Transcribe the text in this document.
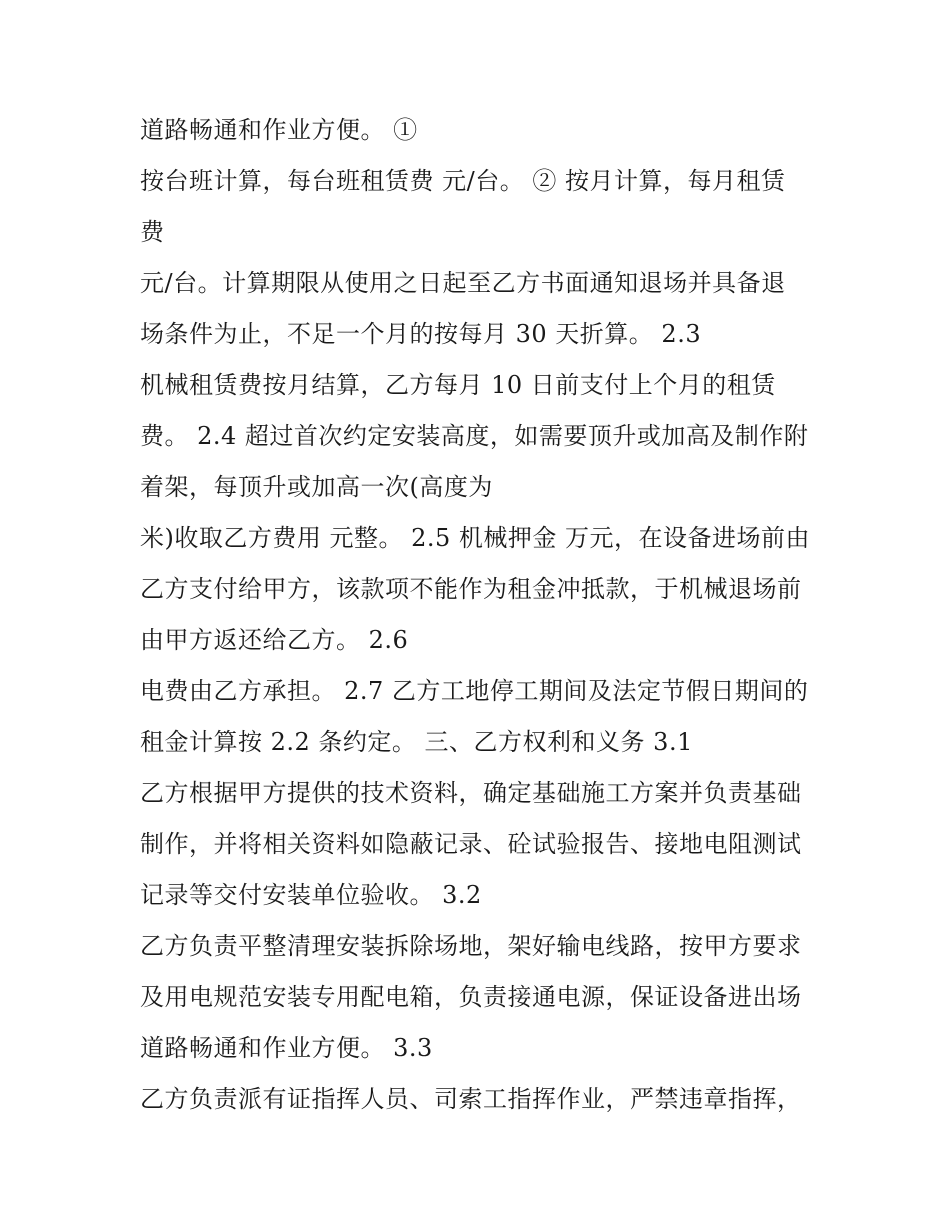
道路畅通和作业方便。 ①
按台班计算，每台班租赁费 元/台。 ② 按月计算，每月租赁
费
元/台。计算期限从使用之日起至乙方书面通知退场并具备退
场条件为止，不足一个月的按每月 30 天折算。 2.3
机械租赁费按月结算，乙方每月 10 日前支付上个月的租赁
费。 2.4 超过首次约定安装高度，如需要顶升或加高及制作附
着架，每顶升或加高一次(高度为
米)收取乙方费用 元整。 2.5 机械押金 万元，在设备进场前由
乙方支付给甲方，该款项不能作为租金冲抵款，于机械退场前
由甲方返还给乙方。 2.6
电费由乙方承担。 2.7 乙方工地停工期间及法定节假日期间的
租金计算按 2.2 条约定。 三、乙方权利和义务 3.1
乙方根据甲方提供的技术资料，确定基础施工方案并负责基础
制作，并将相关资料如隐蔽记录、砼试验报告、接地电阻测试
记录等交付安装单位验收。 3.2
乙方负责平整清理安装拆除场地，架好输电线路，按甲方要求
及用电规范安装专用配电箱，负责接通电源，保证设备进出场
道路畅通和作业方便。 3.3
乙方负责派有证指挥人员、司索工指挥作业，严禁违章指挥，
